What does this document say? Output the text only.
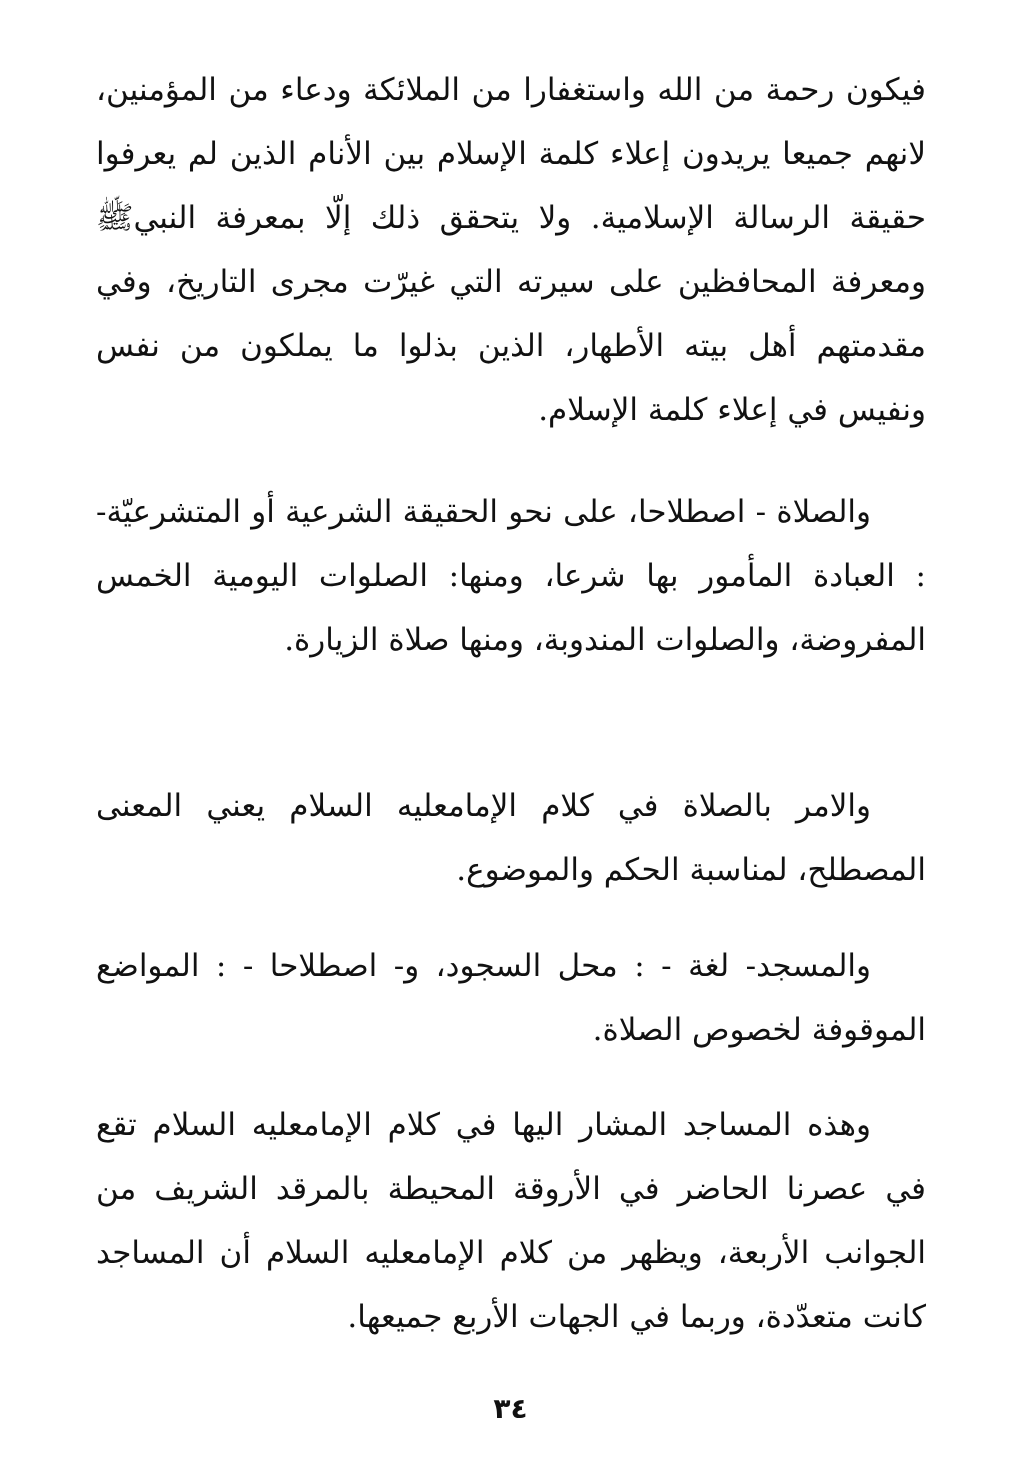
فيكون رحمة من الله واستغفارا من الملائكة ودعاء من المؤمنين، لانهم جميعا يريدون إعلاء كلمة الإسلام بين الأنام الذين لم يعرفوا حقيقة الرسالة الإسلامية. ولا يتحقق ذلك إلّا بمعرفة النبيﷺ ومعرفة المحافظين على سيرته التي غيرّت مجرى التاريخ، وفي مقدمتهم أهل بيته الأطهار، الذين بذلوا ما يملكون من نفس ونفيس في إعلاء كلمة الإسلام.

والصلاة - اصطلاحا، على نحو الحقيقة الشرعية أو المتشرعيّة- : العبادة المأمور بها شرعا، ومنها: الصلوات اليومية الخمس المفروضة، والصلوات المندوبة، ومنها صلاة الزيارة.

والامر بالصلاة في كلام الإمامعليه السلام يعني المعنى المصطلح، لمناسبة الحكم والموضوع.

والمسجد- لغة - : محل السجود، و- اصطلاحا - : المواضع الموقوفة لخصوص الصلاة.

وهذه المساجد المشار اليها في كلام الإمامعليه السلام تقع في عصرنا الحاضر في الأروقة المحيطة بالمرقد الشريف من الجوانب الأربعة، ويظهر من كلام الإمامعليه السلام أن المساجد كانت متعدّدة، وربما في الجهات الأربع جميعها.

٣٤
